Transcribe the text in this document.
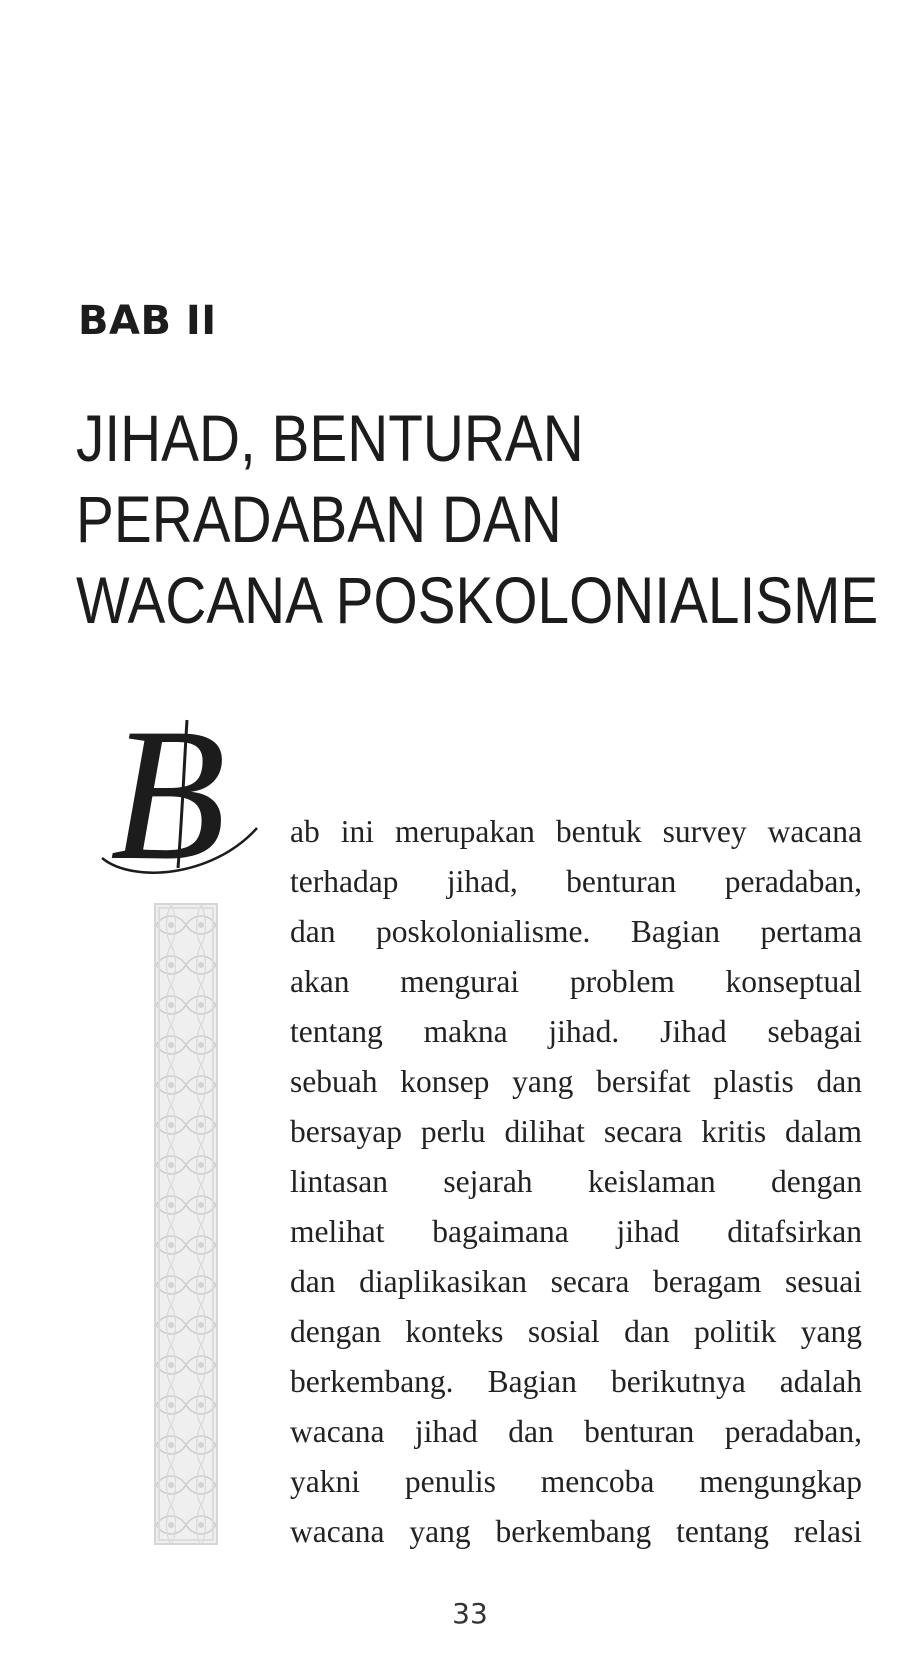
BAB II
JIHAD, BENTURAN
PERADABAN DAN
WACANA POSKOLONIALISME
B ab ini merupakan bentuk survey wacana
terhadap jihad, benturan peradaban,
dan poskolonialisme. Bagian pertama
akan mengurai problem konseptual
tentang makna jihad. Jihad sebagai
sebuah konsep yang bersifat plastis dan
bersayap perlu dilihat secara kritis dalam
lintasan sejarah keislaman dengan
melihat bagaimana jihad ditafsirkan
dan diaplikasikan secara beragam sesuai
dengan konteks sosial dan politik yang
berkembang. Bagian berikutnya adalah
wacana jihad dan benturan peradaban,
yakni penulis mencoba mengungkap
wacana yang berkembang tentang relasi
33
